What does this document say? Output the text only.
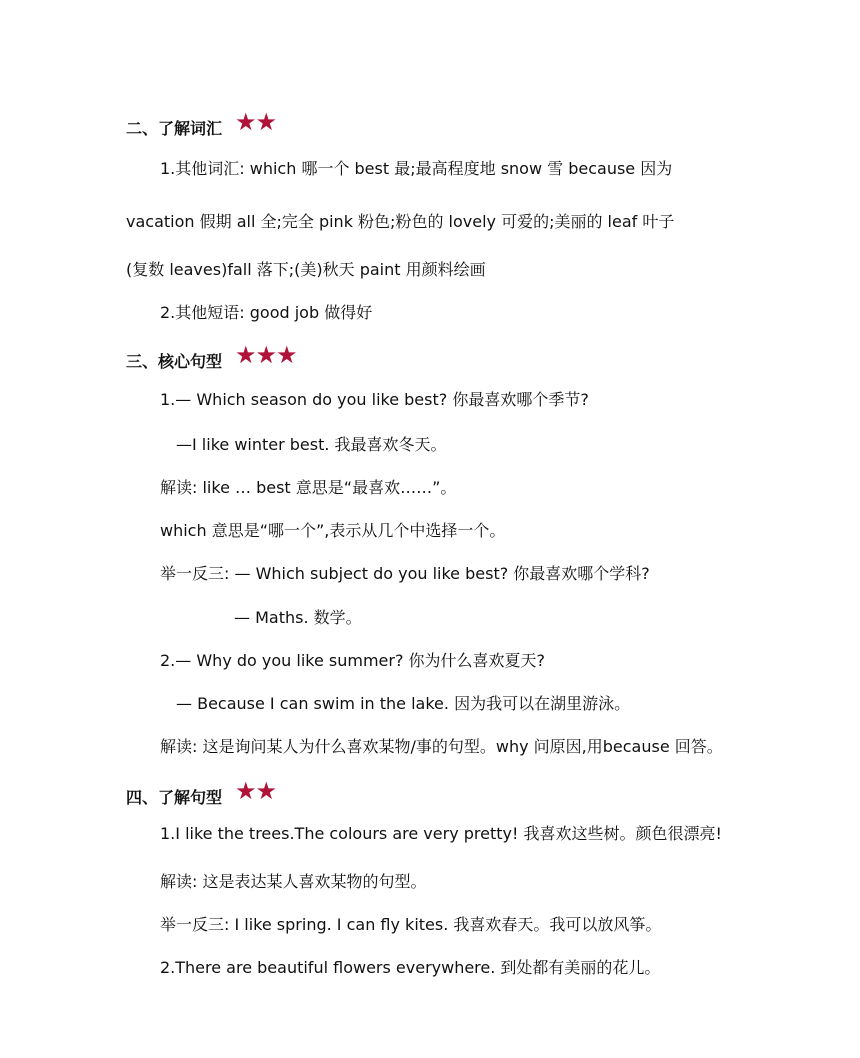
二、了解词汇 ★★
1.其他词汇: which 哪一个 best 最;最高程度地 snow 雪 because 因为
vacation 假期 all 全;完全 pink 粉色;粉色的 lovely 可爱的;美丽的 leaf 叶子
(复数 leaves)fall 落下;(美)秋天 paint 用颜料绘画
2.其他短语: good job 做得好
三、核心句型 ★★★
1.— Which season do you like best? 你最喜欢哪个季节?
—I like winter best. 我最喜欢冬天。
解读: like … best 意思是“最喜欢……”。
which 意思是“哪一个”,表示从几个中选择一个。
举一反三: — Which subject do you like best? 你最喜欢哪个学科?
— Maths. 数学。
2.— Why do you like summer? 你为什么喜欢夏天?
— Because I can swim in the lake. 因为我可以在湖里游泳。
解读: 这是询问某人为什么喜欢某物/事的句型。why 问原因,用because 回答。
四、了解句型 ★★
1.I like the trees.The colours are very pretty! 我喜欢这些树。颜色很漂亮!
解读: 这是表达某人喜欢某物的句型。
举一反三: I like spring. I can fly kites. 我喜欢春天。我可以放风筝。
2.There are beautiful flowers everywhere. 到处都有美丽的花儿。
